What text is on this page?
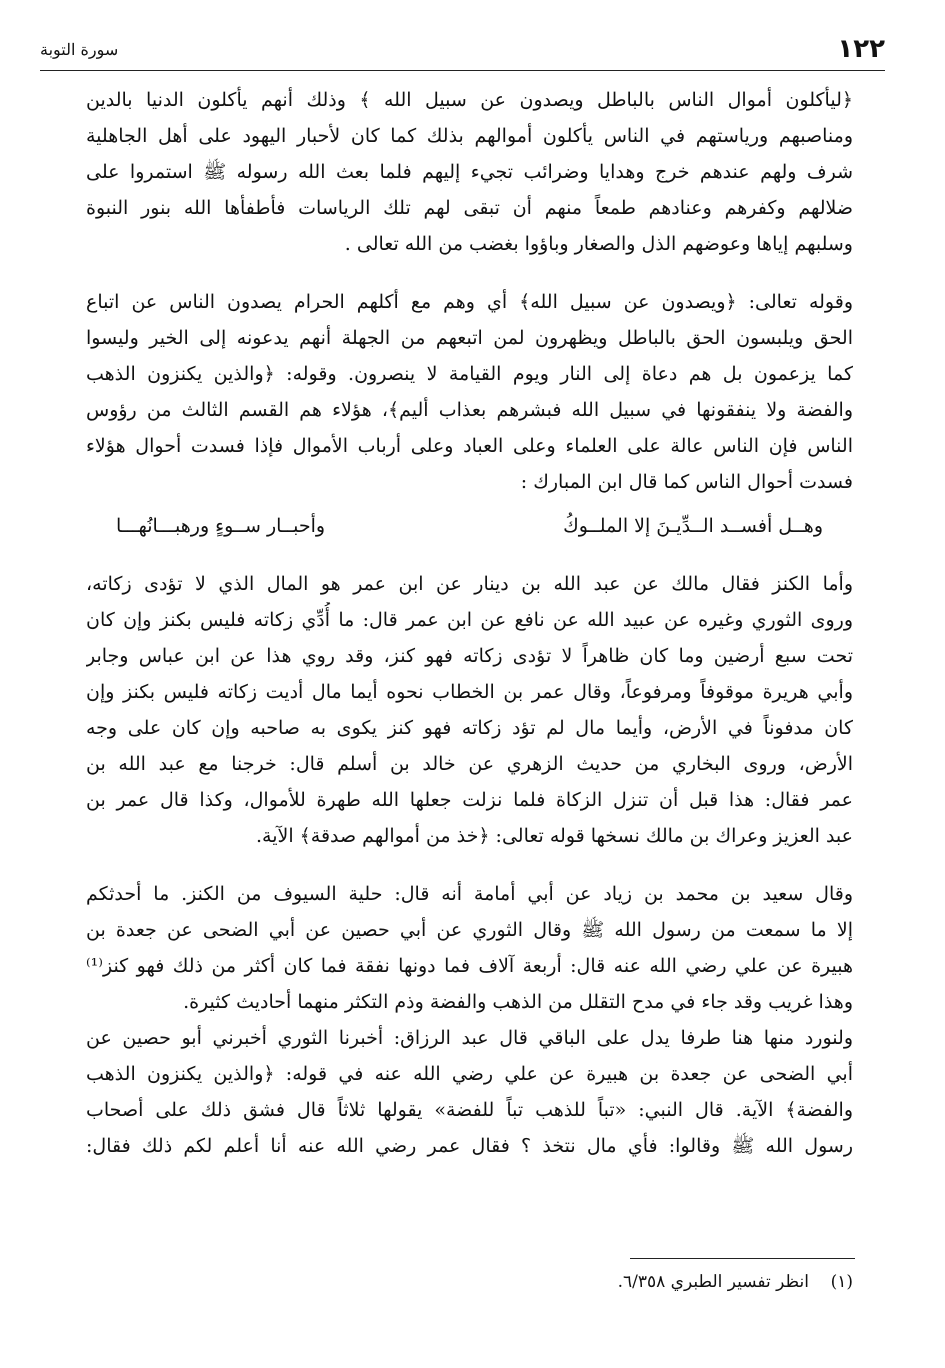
١٢٢
سورة التوبة
﴿ليأكلون أموال الناس بالباطل ويصدون عن سبيل الله ﴾ وذلك أنهم يأكلون الدنيا بالدين
ومناصبهم ورياستهم في الناس يأكلون أموالهم بذلك كما كان لأحبار اليهود على أهل الجاهلية
شرف ولهم عندهم خرج وهدايا وضرائب تجيء إليهم فلما بعث الله رسوله ﷺ استمروا على
ضلالهم وكفرهم وعنادهم طمعاً منهم أن تبقى لهم تلك الرياسات فأطفأها الله بنور النبوة
وسلبهم إياها وعوضهم الذل والصغار وباؤوا بغضب من الله تعالى .
وقوله تعالى: ﴿ويصدون عن سبيل الله﴾ أي وهم مع أكلهم الحرام يصدون الناس عن اتباع
الحق ويلبسون الحق بالباطل ويظهرون لمن اتبعهم من الجهلة أنهم يدعونه إلى الخير وليسوا
كما يزعمون بل هم دعاة إلى النار ويوم القيامة لا ينصرون. وقوله: ﴿والذين يكنزون الذهب
والفضة ولا ينفقونها في سبيل الله فبشرهم بعذاب أليم﴾، هؤلاء هم القسم الثالث من رؤوس
الناس فإن الناس عالة على العلماء وعلى العباد وعلى أرباب الأموال فإذا فسدت أحوال هؤلاء
فسدت أحوال الناس كما قال ابن المبارك :
وهــل أفســد الــدِّيـنَ إلا الملــوكُ
وأحبــار ســوءٍ ورهبـــانُهـــا
وأما الكنز فقال مالك عن عبد الله بن دينار عن ابن عمر هو المال الذي لا تؤدى زكاته،
وروى الثوري وغيره عن عبيد الله عن نافع عن ابن عمر قال: ما أُدِّي زكاته فليس بكنز وإن كان
تحت سبع أرضين وما كان ظاهراً لا تؤدى زكاته فهو كنز، وقد روي هذا عن ابن عباس وجابر
وأبي هريرة موقوفاً ومرفوعاً، وقال عمر بن الخطاب نحوه أيما مال أديت زكاته فليس بكنز وإن
كان مدفوناً في الأرض، وأيما مال لم تؤد زكاته فهو كنز يكوى به صاحبه وإن كان على وجه
الأرض، وروى البخاري من حديث الزهري عن خالد بن أسلم قال: خرجنا مع عبد الله بن
عمر فقال: هذا قبل أن تنزل الزكاة فلما نزلت جعلها الله طهرة للأموال، وكذا قال عمر بن
عبد العزيز وعراك بن مالك نسخها قوله تعالى: ﴿خذ من أموالهم صدقة﴾ الآية.
وقال سعيد بن محمد بن زياد عن أبي أمامة أنه قال: حلية السيوف من الكنز. ما أحدثكم
إلا ما سمعت من رسول الله ﷺ وقال الثوري عن أبي حصين عن أبي الضحى عن جعدة بن
هبيرة عن علي رضي الله عنه قال: أربعة آلاف فما دونها نفقة فما كان أكثر من ذلك فهو كنز⁽¹⁾
وهذا غريب وقد جاء في مدح التقلل من الذهب والفضة وذم التكثر منهما أحاديث كثيرة.
ولنورد منها هنا طرفا يدل على الباقي قال عبد الرزاق: أخبرنا الثوري أخبرني أبو حصين عن
أبي الضحى عن جعدة بن هبيرة عن علي رضي الله عنه في قوله: ﴿والذين يكنزون الذهب
والفضة﴾ الآية. قال النبي: «تباً للذهب تباً للفضة» يقولها ثلاثاً قال فشق ذلك على أصحاب
رسول الله ﷺ وقالوا: فأي مال نتخذ ؟ فقال عمر رضي الله عنه أنا أعلم لكم ذلك فقال:
(١)    انظر تفسير الطبري ٦/٣٥٨.
